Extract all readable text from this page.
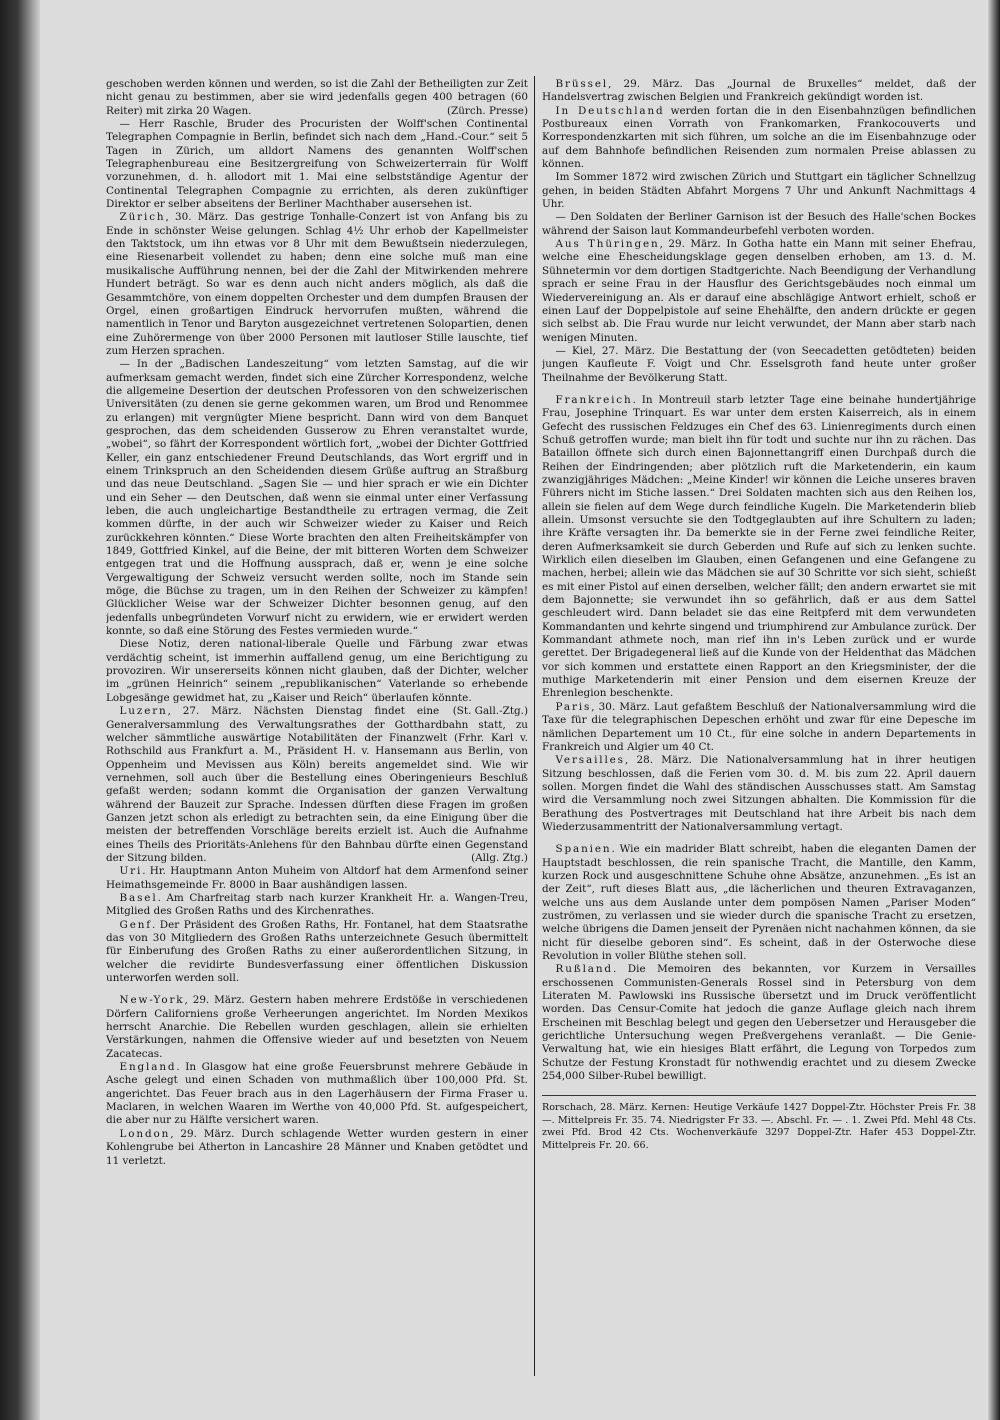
geschoben werden können und werden, so ist die Zahl der Betheiligten zur Zeit nicht genau zu bestimmen, aber sie wird jedenfalls gegen 400 betragen (60 Reiter) mit zirka 20 Wagen.	(Zürch. Presse)

— Herr Raschle, Bruder des Procuristen der Wolff'schen Continental Telegraphen Compagnie in Berlin, befindet sich nach dem „Hand.-Cour.“ seit 5 Tagen in Zürich, um alldort Namens des genannten Wolff'schen Telegraphenbureau eine Besitzergreifung von Schweizerterrain für Wolff vorzunehmen, d. h. allodort mit 1. Mai eine selbstständige Agentur der Continental Telegraphen Compagnie zu errichten, als deren zukünftiger Direktor er selber abseitens der Berliner Machthaber ausersehen ist.

Zürich, 30. März. Das gestrige Tonhalle-Conzert ist von Anfang bis zu Ende in schönster Weise gelungen. Schlag 4½ Uhr erhob der Kapellmeister den Taktstock, um ihn etwas vor 8 Uhr mit dem Bewußtsein niederzulegen, eine Riesenarbeit vollendet zu haben; denn eine solche muß man eine musikalische Aufführung nennen, bei der die Zahl der Mitwirkenden mehrere Hundert beträgt. So war es denn auch nicht anders möglich, als daß die Gesammtchöre, von einem doppelten Orchester und dem dumpfen Brausen der Orgel, einen großartigen Eindruck hervorrufen mußten, während die namentlich in Tenor und Baryton ausgezeichnet vertretenen Solopartien, denen eine Zuhörermenge von über 2000 Personen mit lautloser Stille lauschte, tief zum Herzen sprachen.

— In der „Badischen Landeszeitung“ vom letzten Samstag, auf die wir aufmerksam gemacht werden, findet sich eine Zürcher Korrespondenz, welche die allgemeine Desertion der deutschen Professoren von den schweizerischen Universitäten (zu denen sie gerne gekommen waren, um Brod und Renommee zu erlangen) mit vergnügter Miene bespricht. Dann wird von dem Banquet gesprochen, das dem scheidenden Gusserow zu Ehren veranstaltet wurde, „wobei“, so fährt der Korrespondent wörtlich fort, „wobei der Dichter Gottfried Keller, ein ganz entschiedener Freund Deutschlands, das Wort ergriff und in einem Trinkspruch an den Scheidenden diesem Grüße auftrug an Straßburg und das neue Deutschland. „Sagen Sie — und hier sprach er wie ein Dichter und ein Seher — den Deutschen, daß wenn sie einmal unter einer Verfassung leben, die auch ungleichartige Bestandtheile zu ertragen vermag, die Zeit kommen dürfte, in der auch wir Schweizer wieder zu Kaiser und Reich zurückkehren könnten.“ Diese Worte brachten den alten Freiheitskämpfer von 1849, Gottfried Kinkel, auf die Beine, der mit bitteren Worten dem Schweizer entgegen trat und die Hoffnung aussprach, daß er, wenn je eine solche Vergewaltigung der Schweiz versucht werden sollte, noch im Stande sein möge, die Büchse zu tragen, um in den Reihen der Schweizer zu kämpfen! Glücklicher Weise war der Schweizer Dichter besonnen genug, auf den jedenfalls unbegründeten Vorwurf nicht zu erwidern, wie er erwidert werden konnte, so daß eine Störung des Festes vermieden wurde.“

Diese Notiz, deren national-liberale Quelle und Färbung zwar etwas verdächtig scheint, ist immerhin auffallend genug, um eine Berichtigung zu provoziren. Wir unsererseits können nicht glauben, daß der Dichter, welcher im „grünen Heinrich“ seinem „republikanischen“ Vaterlande so erhebende Lobgesänge gewidmet hat, zu „Kaiser und Reich“ überlaufen könnte.
(St. Gall.-Ztg.)

Luzern, 27. März. Nächsten Dienstag findet eine Generalversammlung des Verwaltungsrathes der Gotthardbahn statt, zu welcher sämmtliche auswärtige Notabilitäten der Finanzwelt (Frhr. Karl v. Rothschild aus Frankfurt a. M., Präsident H. v. Hansemann aus Berlin, von Oppenheim und Mevissen aus Köln) bereits angemeldet sind. Wie wir vernehmen, soll auch über die Bestellung eines Oberingenieurs Beschluß gefaßt werden; sodann kommt die Organisation der ganzen Verwaltung während der Bauzeit zur Sprache. Indessen dürften diese Fragen im großen Ganzen jetzt schon als erledigt zu betrachten sein, da eine Einigung über die meisten der betreffenden Vorschläge bereits erzielt ist. Auch die Aufnahme eines Theils des Prioritäts-Anlehens für den Bahnbau dürfte einen Gegenstand der Sitzung bilden.	(Allg. Ztg.)

Uri. Hr. Hauptmann Anton Muheim von Altdorf hat dem Armenfond seiner Heimathsgemeinde Fr. 8000 in Baar aushändigen lassen.

Basel. Am Charfreitag starb nach kurzer Krankheit Hr. a. Wangen-Treu, Mitglied des Großen Raths und des Kirchenrathes.

Genf. Der Präsident des Großen Raths, Hr. Fontanel, hat dem Staatsrathe das von 30 Mitgliedern des Großen Raths unterzeichnete Gesuch übermittelt für Einberufung des Großen Raths zu einer außerordentlichen Sitzung, in welcher die revidirte Bundesverfassung einer öffentlichen Diskussion unterworfen werden soll.

New-York, 29. März. Gestern haben mehrere Erdstöße in verschiedenen Dörfern Californiens große Verheerungen angerichtet. Im Norden Mexikos herrscht Anarchie. Die Rebellen wurden geschlagen, allein sie erhielten Verstärkungen, nahmen die Offensive wieder auf und besetzten von Neuem Zacatecas.

England. In Glasgow hat eine große Feuersbrunst mehrere Gebäude in Asche gelegt und einen Schaden von muthmaßlich über 100,000 Pfd. St. angerichtet. Das Feuer brach aus in den Lagerhäusern der Firma Fraser u. Maclaren, in welchen Waaren im Werthe von 40,000 Pfd. St. aufgespeichert, die aber nur zu Hälfte versichert waren.

London, 29. März. Durch schlagende Wetter wurden gestern in einer Kohlengrube bei Atherton in Lancashire 28 Männer und Knaben getödtet und 11 verletzt.

Brüssel, 29. März. Das „Journal de Bruxelles“ meldet, daß der Handelsvertrag zwischen Belgien und Frankreich gekündigt worden ist.

In Deutschland werden fortan die in den Eisenbahnzügen befindlichen Postbureaux einen Vorrath von Frankomarken, Frankocouverts und Korrespondenzkarten mit sich führen, um solche an die im Eisenbahnzuge oder auf dem Bahnhofe befindlichen Reisenden zum normalen Preise ablassen zu können.

Im Sommer 1872 wird zwischen Zürich und Stuttgart ein täglicher Schnellzug gehen, in beiden Städten Abfahrt Morgens 7 Uhr und Ankunft Nachmittags 4 Uhr.

— Den Soldaten der Berliner Garnison ist der Besuch des Halle'schen Bockes während der Saison laut Kommandeurbefehl verboten worden.

Aus Thüringen, 29. März. In Gotha hatte ein Mann mit seiner Ehefrau, welche eine Ehescheidungsklage gegen denselben erhoben, am 13. d. M. Sühnetermin vor dem dortigen Stadtgerichte. Nach Beendigung der Verhandlung sprach er seine Frau in der Hausflur des Gerichtsgebäudes noch einmal um Wiedervereinigung an. Als er darauf eine abschlägige Antwort erhielt, schoß er einen Lauf der Doppelpistole auf seine Ehehälfte, den andern drückte er gegen sich selbst ab. Die Frau wurde nur leicht verwundet, der Mann aber starb nach wenigen Minuten.

— Kiel, 27. März. Die Bestattung der (von Seecadetten getödteten) beiden jungen Kaufleute F. Voigt und Chr. Esselsgroth fand heute unter großer Theilnahme der Bevölkerung Statt.

Frankreich. In Montreuil starb letzter Tage eine beinahe hundertjährige Frau, Josephine Trinquart. Es war unter dem ersten Kaiserreich, als in einem Gefecht des russischen Feldzuges ein Chef des 63. Linienregiments durch einen Schuß getroffen wurde; man bielt ihn für todt und suchte nur ihn zu rächen. Das Bataillon öffnete sich durch einen Bajonnettangriff einen Durchpaß durch die Reihen der Eindringenden; aber plötzlich ruft die Marketenderin, ein kaum zwanzigjähriges Mädchen: „Meine Kinder! wir können die Leiche unseres braven Führers nicht im Stiche lassen.“ Drei Soldaten machten sich aus den Reihen los, allein sie fielen auf dem Wege durch feindliche Kugeln. Die Marketenderin blieb allein. Umsonst versuchte sie den Todtgeglaubten auf ihre Schultern zu laden; ihre Kräfte versagten ihr. Da bemerkte sie in der Ferne zwei feindliche Reiter, deren Aufmerksamkeit sie durch Geberden und Rufe auf sich zu lenken suchte. Wirklich eilen dieselben im Glauben, einen Gefangenen und eine Gefangene zu machen, herbei; allein wie das Mädchen sie auf 30 Schritte vor sich sieht, schießt es mit einer Pistol auf einen derselben, welcher fällt; den andern erwartet sie mit dem Bajonnette; sie verwundet ihn so gefährlich, daß er aus dem Sattel geschleudert wird. Dann beladet sie das eine Reitpferd mit dem verwundeten Kommandanten und kehrte singend und triumphirend zur Ambulance zurück. Der Kommandant athmete noch, man rief ihn in's Leben zurück und er wurde gerettet. Der Brigadegeneral ließ auf die Kunde von der Heldenthat das Mädchen vor sich kommen und erstattete einen Rapport an den Kriegsminister, der die muthige Marketenderin mit einer Pension und dem eisernen Kreuze der Ehrenlegion beschenkte.

Paris, 30. März. Laut gefaßtem Beschluß der Nationalversammlung wird die Taxe für die telegraphischen Depeschen erhöht und zwar für eine Depesche im nämlichen Departement um 10 Ct., für eine solche in andern Departements in Frankreich und Algier um 40 Ct.

Versailles, 28. März. Die Nationalversammlung hat in ihrer heutigen Sitzung beschlossen, daß die Ferien vom 30. d. M. bis zum 22. April dauern sollen. Morgen findet die Wahl des ständischen Ausschusses statt. Am Samstag wird die Versammlung noch zwei Sitzungen abhalten. Die Kommission für die Berathung des Postvertrages mit Deutschland hat ihre Arbeit bis nach dem Wiederzusammentritt der Nationalversammlung vertagt.

Spanien. Wie ein madrider Blatt schreibt, haben die eleganten Damen der Hauptstadt beschlossen, die rein spanische Tracht, die Mantille, den Kamm, kurzen Rock und ausgeschnittene Schuhe ohne Absätze, anzunehmen. „Es ist an der Zeit“, ruft dieses Blatt aus, „die lächerlichen und theuren Extravaganzen, welche uns aus dem Auslande unter dem pompösen Namen „Pariser Moden“ zuströmen, zu verlassen und sie wieder durch die spanische Tracht zu ersetzen, welche übrigens die Damen jenseit der Pyrenäen nicht nachahmen können, da sie nicht für dieselbe geboren sind“. Es scheint, daß in der Osterwoche diese Revolution in voller Blüthe stehen soll.

Rußland. Die Memoiren des bekannten, vor Kurzem in Versailles erschossenen Communisten-Generals Rossel sind in Petersburg von dem Literaten M. Pawlowski ins Russische übersetzt und im Druck veröffentlicht worden. Das Censur-Comite hat jedoch die ganze Auflage gleich nach ihrem Erscheinen mit Beschlag belegt und gegen den Uebersetzer und Herausgeber die gerichtliche Untersuchung wegen Preßvergehens veranlaßt. — Die Genie-Verwaltung hat, wie ein hiesiges Blatt erfährt, die Legung von Torpedos zum Schutze der Festung Kronstadt für nothwendig erachtet und zu diesem Zwecke 254,000 Silber-Rubel bewilligt.

Rorschach, 28. März. Kernen: Heutige Verkäufe 1427 Doppel-Ztr. Höchster Preis Fr. 38 —. Mittelpreis Fr. 35. 74. Niedrigster Fr 33. —. Abschl. Fr. — . 1. Zwei Pfd. Mehl 48 Cts. zwei Pfd. Brod 42 Cts. Wochenverkäufe 3297 Doppel-Ztr. Hafer 453 Doppel-Ztr. Mittelpreis Fr. 20. 66.
